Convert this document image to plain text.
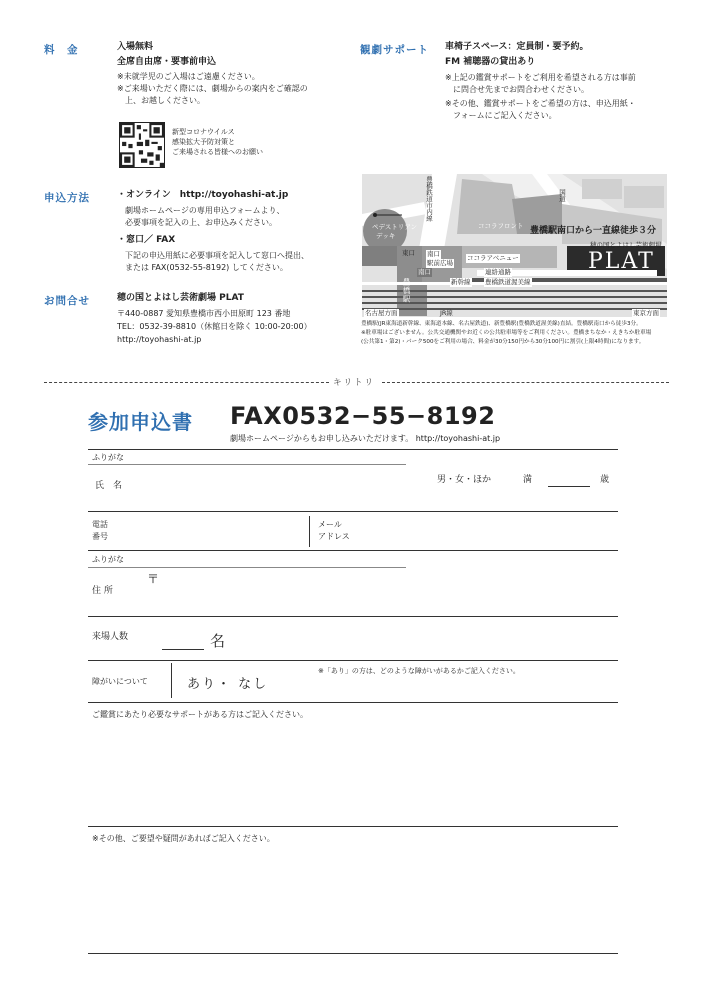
料　金	入場無料
全席自由席・要事前申込
※未就学児のご入場はご遠慮ください。
※ご来場いただく際には、劇場からの案内をご確認の
　上、お越しください。
新型コロナウイルス
感染拡大予防対策と
ご来場される皆様へのお願い
観劇サポート 車椅子スペース：定員制・要予約。
FM 補聴器の貸出あり
※上記の鑑賞サポートをご利用を希望される方は事前
　に問合せ先までお問合わせください。
※その他、鑑賞サポートをご希望の方は、申込用紙・
　フォームにご記入ください。
申込方法	・オンライン　http://toyohashi-at.jp
劇場ホームページの専用申込フォームより、
必要事項を記入の上、お申込みください。
・窓口／ FAX
下記の申込用紙に必要事項を記入して窓口へ提出、
または FAX(0532-55-8192) してください。
お問合せ	穂の国とよはし芸術劇場 PLAT
〒440-0887 愛知県豊橋市西小田原町 123 番地
TEL：0532-39-8810（休館日を除く 10:00-20:00）
http://toyohashi-at.jp
豊橋鉄道市内線	国道
ペデストリアン
デッキ
ココラフロント
東口
南口
南口
駅前広場
ココラアベニュー
連絡通路
新幹線 豊橋鉄道渥美線
豊橋駅
JR線
名古屋方面	東京方面
豊橋駅南口から一直線徒歩３分
穂の国とよはし芸術劇場
PLAT
豊橋駅(JR東海道新幹線、東海道本線、名古屋鉄道)、新豊橋駅(豊橋鉄道渥美線)直結。豊橋駅南口から徒歩3分。
※駐車場はございません。公共交通機関やお近くの公共駐車場等をご利用ください。豊橋まちなか・えきちか駐車場
(公共第1・第2)・パーク500をご利用の場合、料金が30分150円から30分100円に割引(上限4時間)になります。
キリトリ
参加申込書 FAX0532−55−8192
劇場ホームページからもお申し込みいただけます。 http://toyohashi-at.jp
ふりがな
氏　名
男・女・ほか	満	歳
電話
番号
メール
アドレス
ふりがな
〒
住 所
来場人数	名
障がいについて	あり・ なし
※「あり」の方は、どのような障がいがあるかご記入ください。
ご鑑賞にあたり必要なサポートがある方はご記入ください。
※その他、ご要望や疑問があればご記入ください。
